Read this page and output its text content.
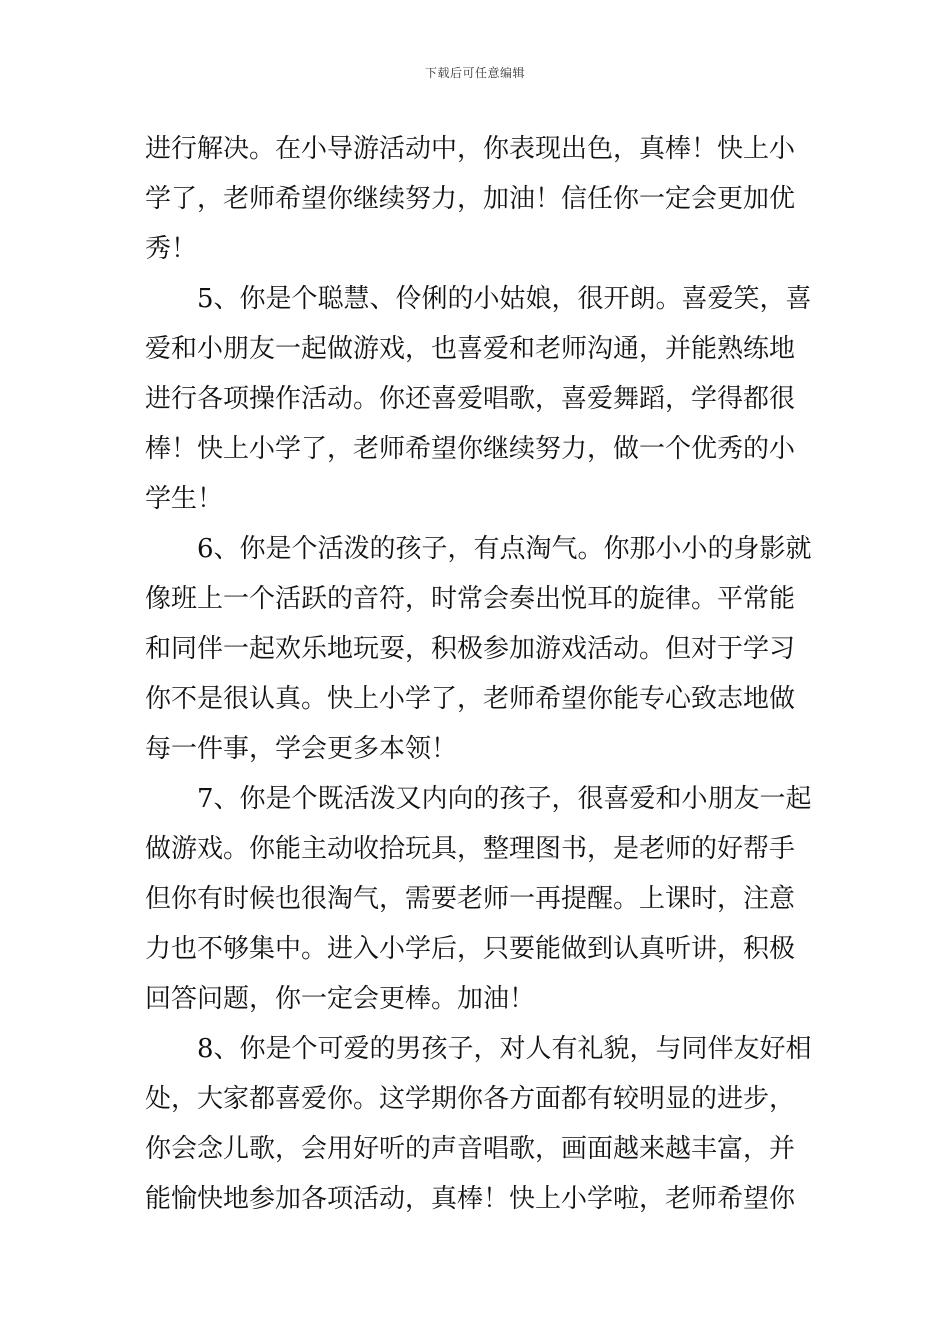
下载后可任意编辑
进行解决。在小导游活动中，你表现出色，真棒！快上小
学了，老师希望你继续努力，加油！信任你一定会更加优
秀！
5、你是个聪慧、伶俐的小姑娘，很开朗。喜爱笑，喜
爱和小朋友一起做游戏，也喜爱和老师沟通，并能熟练地
进行各项操作活动。你还喜爱唱歌，喜爱舞蹈，学得都很
棒！快上小学了，老师希望你继续努力，做一个优秀的小
学生！
6、你是个活泼的孩子，有点淘气。你那小小的身影就
像班上一个活跃的音符，时常会奏出悦耳的旋律。平常能
和同伴一起欢乐地玩耍，积极参加游戏活动。但对于学习
你不是很认真。快上小学了，老师希望你能专心致志地做
每一件事，学会更多本领！
7、你是个既活泼又内向的孩子，很喜爱和小朋友一起
做游戏。你能主动收拾玩具，整理图书，是老师的好帮手
但你有时候也很淘气，需要老师一再提醒。上课时，注意
力也不够集中。进入小学后，只要能做到认真听讲，积极
回答问题，你一定会更棒。加油！
8、你是个可爱的男孩子，对人有礼貌，与同伴友好相
处，大家都喜爱你。这学期你各方面都有较明显的进步，
你会念儿歌，会用好听的声音唱歌，画面越来越丰富，并
能愉快地参加各项活动，真棒！快上小学啦，老师希望你
